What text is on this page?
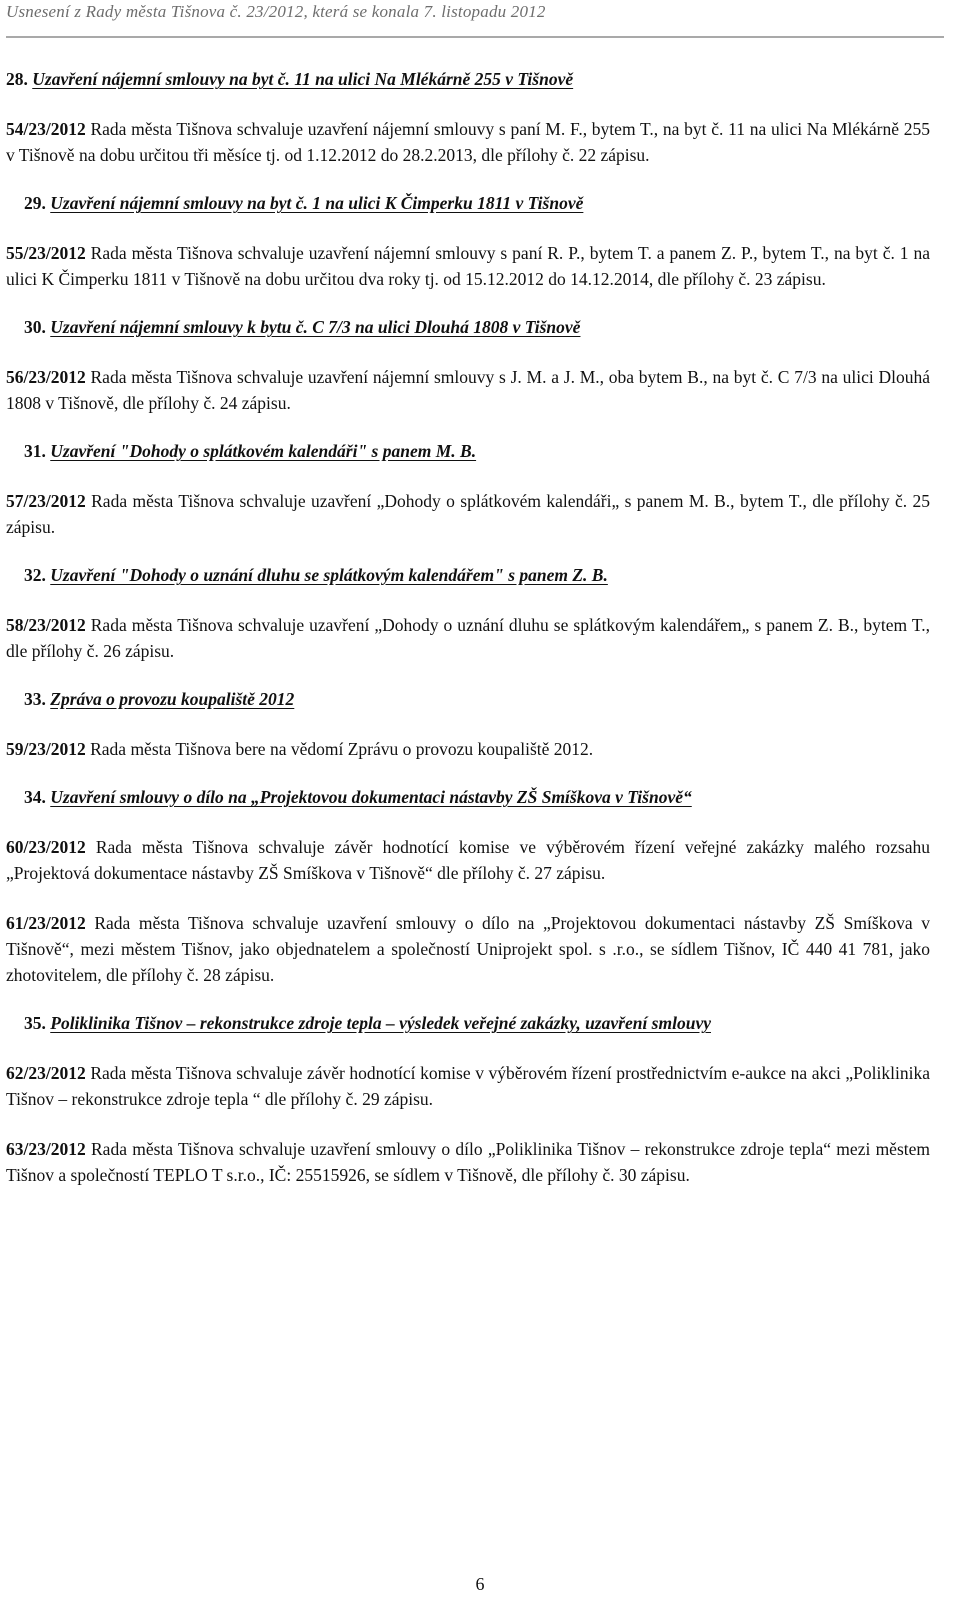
Usnesení z Rady města Tišnova č. 23/2012, která se konala 7. listopadu 2012

28. Uzavření nájemní smlouvy na byt č. 11 na ulici Na Mlékárně 255 v Tišnově

54/23/2012 Rada města Tišnova schvaluje uzavření nájemní smlouvy s paní M. F., bytem T., na byt č. 11 na ulici Na Mlékárně 255 v Tišnově na dobu určitou tři měsíce tj. od 1.12.2012 do 28.2.2013, dle přílohy č. 22 zápisu.

29. Uzavření nájemní smlouvy na byt č. 1 na ulici K Čimperku 1811 v Tišnově

55/23/2012 Rada města Tišnova schvaluje uzavření nájemní smlouvy s paní R. P., bytem T. a panem Z. P., bytem T., na byt č. 1 na ulici K Čimperku 1811 v Tišnově na dobu určitou dva roky tj. od 15.12.2012 do 14.12.2014, dle přílohy č. 23 zápisu.

30. Uzavření nájemní smlouvy k bytu č. C 7/3 na ulici Dlouhá 1808 v Tišnově

56/23/2012 Rada města Tišnova schvaluje uzavření nájemní smlouvy s J. M. a J. M., oba bytem B., na byt č. C 7/3 na ulici Dlouhá 1808 v Tišnově, dle přílohy č. 24 zápisu.

31. Uzavření "Dohody o splátkovém kalendáři" s panem M. B.

57/23/2012 Rada města Tišnova schvaluje uzavření „Dohody o splátkovém kalendáři„ s panem M. B., bytem T., dle přílohy č. 25 zápisu.

32. Uzavření "Dohody o uznání dluhu se splátkovým kalendářem" s panem Z. B.

58/23/2012 Rada města Tišnova schvaluje uzavření „Dohody o uznání dluhu se splátkovým kalendářem„ s panem Z. B., bytem T., dle přílohy č. 26 zápisu.

33. Zpráva o provozu koupaliště 2012

59/23/2012 Rada města Tišnova bere na vědomí Zprávu o provozu koupaliště 2012.

34. Uzavření smlouvy o dílo na „Projektovou dokumentaci nástavby ZŠ Smíškova v Tišnově“

60/23/2012 Rada města Tišnova schvaluje závěr hodnotící komise ve výběrovém řízení veřejné zakázky malého rozsahu „Projektová dokumentace nástavby ZŠ Smíškova v Tišnově“ dle přílohy č. 27 zápisu.

61/23/2012 Rada města Tišnova schvaluje uzavření smlouvy o dílo na „Projektovou dokumentaci nástavby ZŠ Smíškova v Tišnově“, mezi městem Tišnov, jako objednatelem a společností Uniprojekt spol. s .r.o., se sídlem Tišnov, IČ 440 41 781, jako zhotovitelem, dle přílohy č. 28 zápisu.

35. Poliklinika Tišnov – rekonstrukce zdroje tepla – výsledek veřejné zakázky, uzavření smlouvy

62/23/2012 Rada města Tišnova schvaluje závěr hodnotící komise v výběrovém řízení prostřednictvím e-aukce na akci „Poliklinika Tišnov – rekonstrukce zdroje tepla “ dle přílohy č. 29 zápisu.

63/23/2012 Rada města Tišnova schvaluje uzavření smlouvy o dílo „Poliklinika Tišnov – rekonstrukce zdroje tepla“ mezi městem Tišnov a společností TEPLO T s.r.o., IČ: 25515926, se sídlem v Tišnově, dle přílohy č. 30 zápisu.

6
